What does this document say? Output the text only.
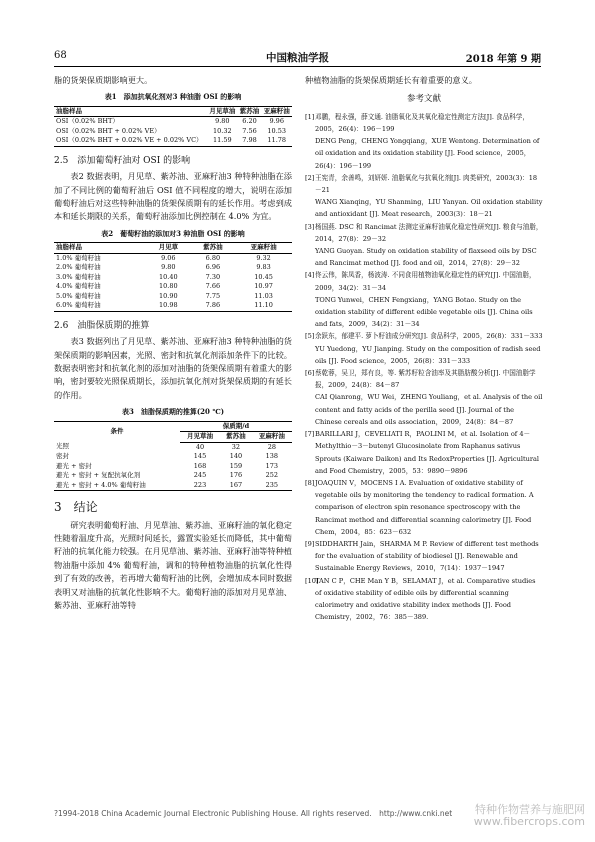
68	中国粮油学报	2018 年第 9 期

脂的货架保质期影响更大。

表1　添加抗氧化剂对3 种油脂 OSI 的影响
油脂样品	月见草油	紫苏油	亚麻籽油
OSI（0.02% BHT）	9.80	6.20	9.96
OSI（0.02% BHT + 0.02% VE）	10.32	7.56	10.53
OSI（0.02% BHT + 0.02% VE + 0.02% VC）	11.59	7.98	11.78
2.5　添加葡萄籽油对 OSI 的影响

表2 数据表明，月见草、紫苏油、亚麻籽油3 种特种油脂在添加了不同比例的葡萄籽油后 OSI 值不同程度的增大，说明在添加葡萄籽油后对这些特种油脂的货架保质期有的延长作用。考虑到成本和延长期限的关系，葡萄籽油添加比例控制在 4.0% 为宜。

表2　葡萄籽油的添加对3 种油脂 OSI 的影响
油脂样品	月见草	紫苏油	亚麻籽油
1.0% 葡萄籽油	9.06	6.80	9.32
2.0% 葡萄籽油	9.80	6.96	9.83
3.0% 葡萄籽油	10.40	7.30	10.45
4.0% 葡萄籽油	10.80	7.66	10.97
5.0% 葡萄籽油	10.90	7.75	11.03
6.0% 葡萄籽油	10.98	7.86	11.10
2.6　油脂保质期的推算

表3 数据列出了月见草、紫苏油、亚麻籽油3 种特种油脂的货架保质期的影响因素，光照、密封和抗氧化剂添加条件下的比较。数据表明密封和抗氧化剂的添加对油脂的货架保质期有着重大的影响，密封要较光照保质期长，添加抗氧化剂对货架保质期的有延长的作用。

表3　油脂保质期的推算(20 ℃)
条件	保质期/d		
	月见草油	紫苏油	亚麻籽油
光照	40	32	28
密封	145	140	138
避光 + 密封	168	159	173
避光 + 密封 + 复配抗氧化剂	245	176	252
避光 + 密封 + 4.0% 葡萄籽油	223	167	235
3　结论

研究表明葡萄籽油、月见草油、紫苏油、亚麻籽油的氧化稳定性随着温度升高，光照时间延长，露置实验延长而降低，其中葡萄籽油的抗氧化能力较强。在月见草油、紫苏油、亚麻籽油等特种植物油脂中添加 4% 葡萄籽油，调和的特种植物油脂的抗氧化性得到了有效的改善，若再增大葡萄籽油的比例，会增加成本同时数据表明又对油脂的抗氧化性影响不大。葡萄籽油的添加对月见草油、紫苏油、亚麻籽油等特

种植物油脂的货架保质期延长有着重要的意义。

参考文献
[1]邓鹏，程永强，薛文通. 油脂氧化及其氧化稳定性测定方法[J]. 食品科学，2005，26(4)：196－199
DENG Peng，CHENG Yongqiang，XUE Wentong. Determination of oil oxidation and its oxidation stability [J]. Food science，2005，26(4)：196－199
[2]王宪青，余善鸣，刘妍妍. 油脂氧化与抗氧化剂[J]. 肉类研究，2003(3)：18－21
WANG Xianqing，YU Shanming，LIU Yanyan. Oil oxidation stability and antioxidant [J]. Meat research，2003(3)：18－21
[3]杨国燕. DSC 和 Rancimat 法测定亚麻籽油氧化稳定性研究[J]. 粮食与油脂，2014，27(8)：29－32
YANG Guoyan. Study on oxidation stability of flaxseed oils by DSC and Rancimat method [J]. food and oil，2014，27(8)：29－32
[4]佟云伟，陈凤香，杨波涛. 不同食用植物油氧化稳定性的研究[J]. 中国油脂，2009，34(2)：31－34
TONG Yunwei，CHEN Fengxiang，YANG Botao. Study on the oxidation stability of different edible vegetable oils [J]. China oils and fats，2009，34(2)：31－34
[5]余跃东，郁建平. 萝卜籽油成分研究[J]. 食品科学，2005，26(8)：331－333
YU Yuedong，YU Jianping. Study on the composition of radish seed oils [J]. Food science，2005，26(8)：331－333
[6]蔡乾蓉，吴卫，郑有良，等. 紫苏籽粒含油率及其脂肪酸分析[J]. 中国油脂学报，2009，24(8)：84－87
CAI Qianrong，WU Wei，ZHENG Youliang，et al. Analysis of the oil content and fatty acids of the perilla seed [J]. Journal of the Chinese cereals and oils association，2009，24(8)：84－87
[7]BARILLARI J，CEVELIATI R，PAOLINI M，et al. Isolation of 4－Methylthio－3－butenyl Glucosinolate from Raphanus sativus Sprouts (Kaiware Daikon) and Its RedoxProperties [J]. Agricultural and Food Chemistry，2005，53：9890－9896
[8]JOAQUIN V，MOCENS I A. Evaluation of oxidative stability of vegetable oils by monitoring the tendency to radical formation. A comparison of electron spin resonance spectroscopy with the Rancimat method and differential scanning calorimetry [J]. Food Chem，2004，85：623－632
[9]SIDDHARTH Jain，SHARMA M P. Review of different test methods for the evaluation of stability of biodiesel [J]. Renewable and Sustainable Energy Reviews，2010，7(14)：1937－1947
[10]TAN C P，CHE Man Y B，SELAMAT J，et al. Comparative studies of oxidative stability of edible oils by differential scanning calorimetry and oxidative stability index methods [J]. Food Chemistry，2002，76：385－389.
?1994-2018 China Academic Journal Electronic Publishing House. All rights reserved.　http://www.cnki.net	特种作物营养与施肥网
www.fibercrops.com
